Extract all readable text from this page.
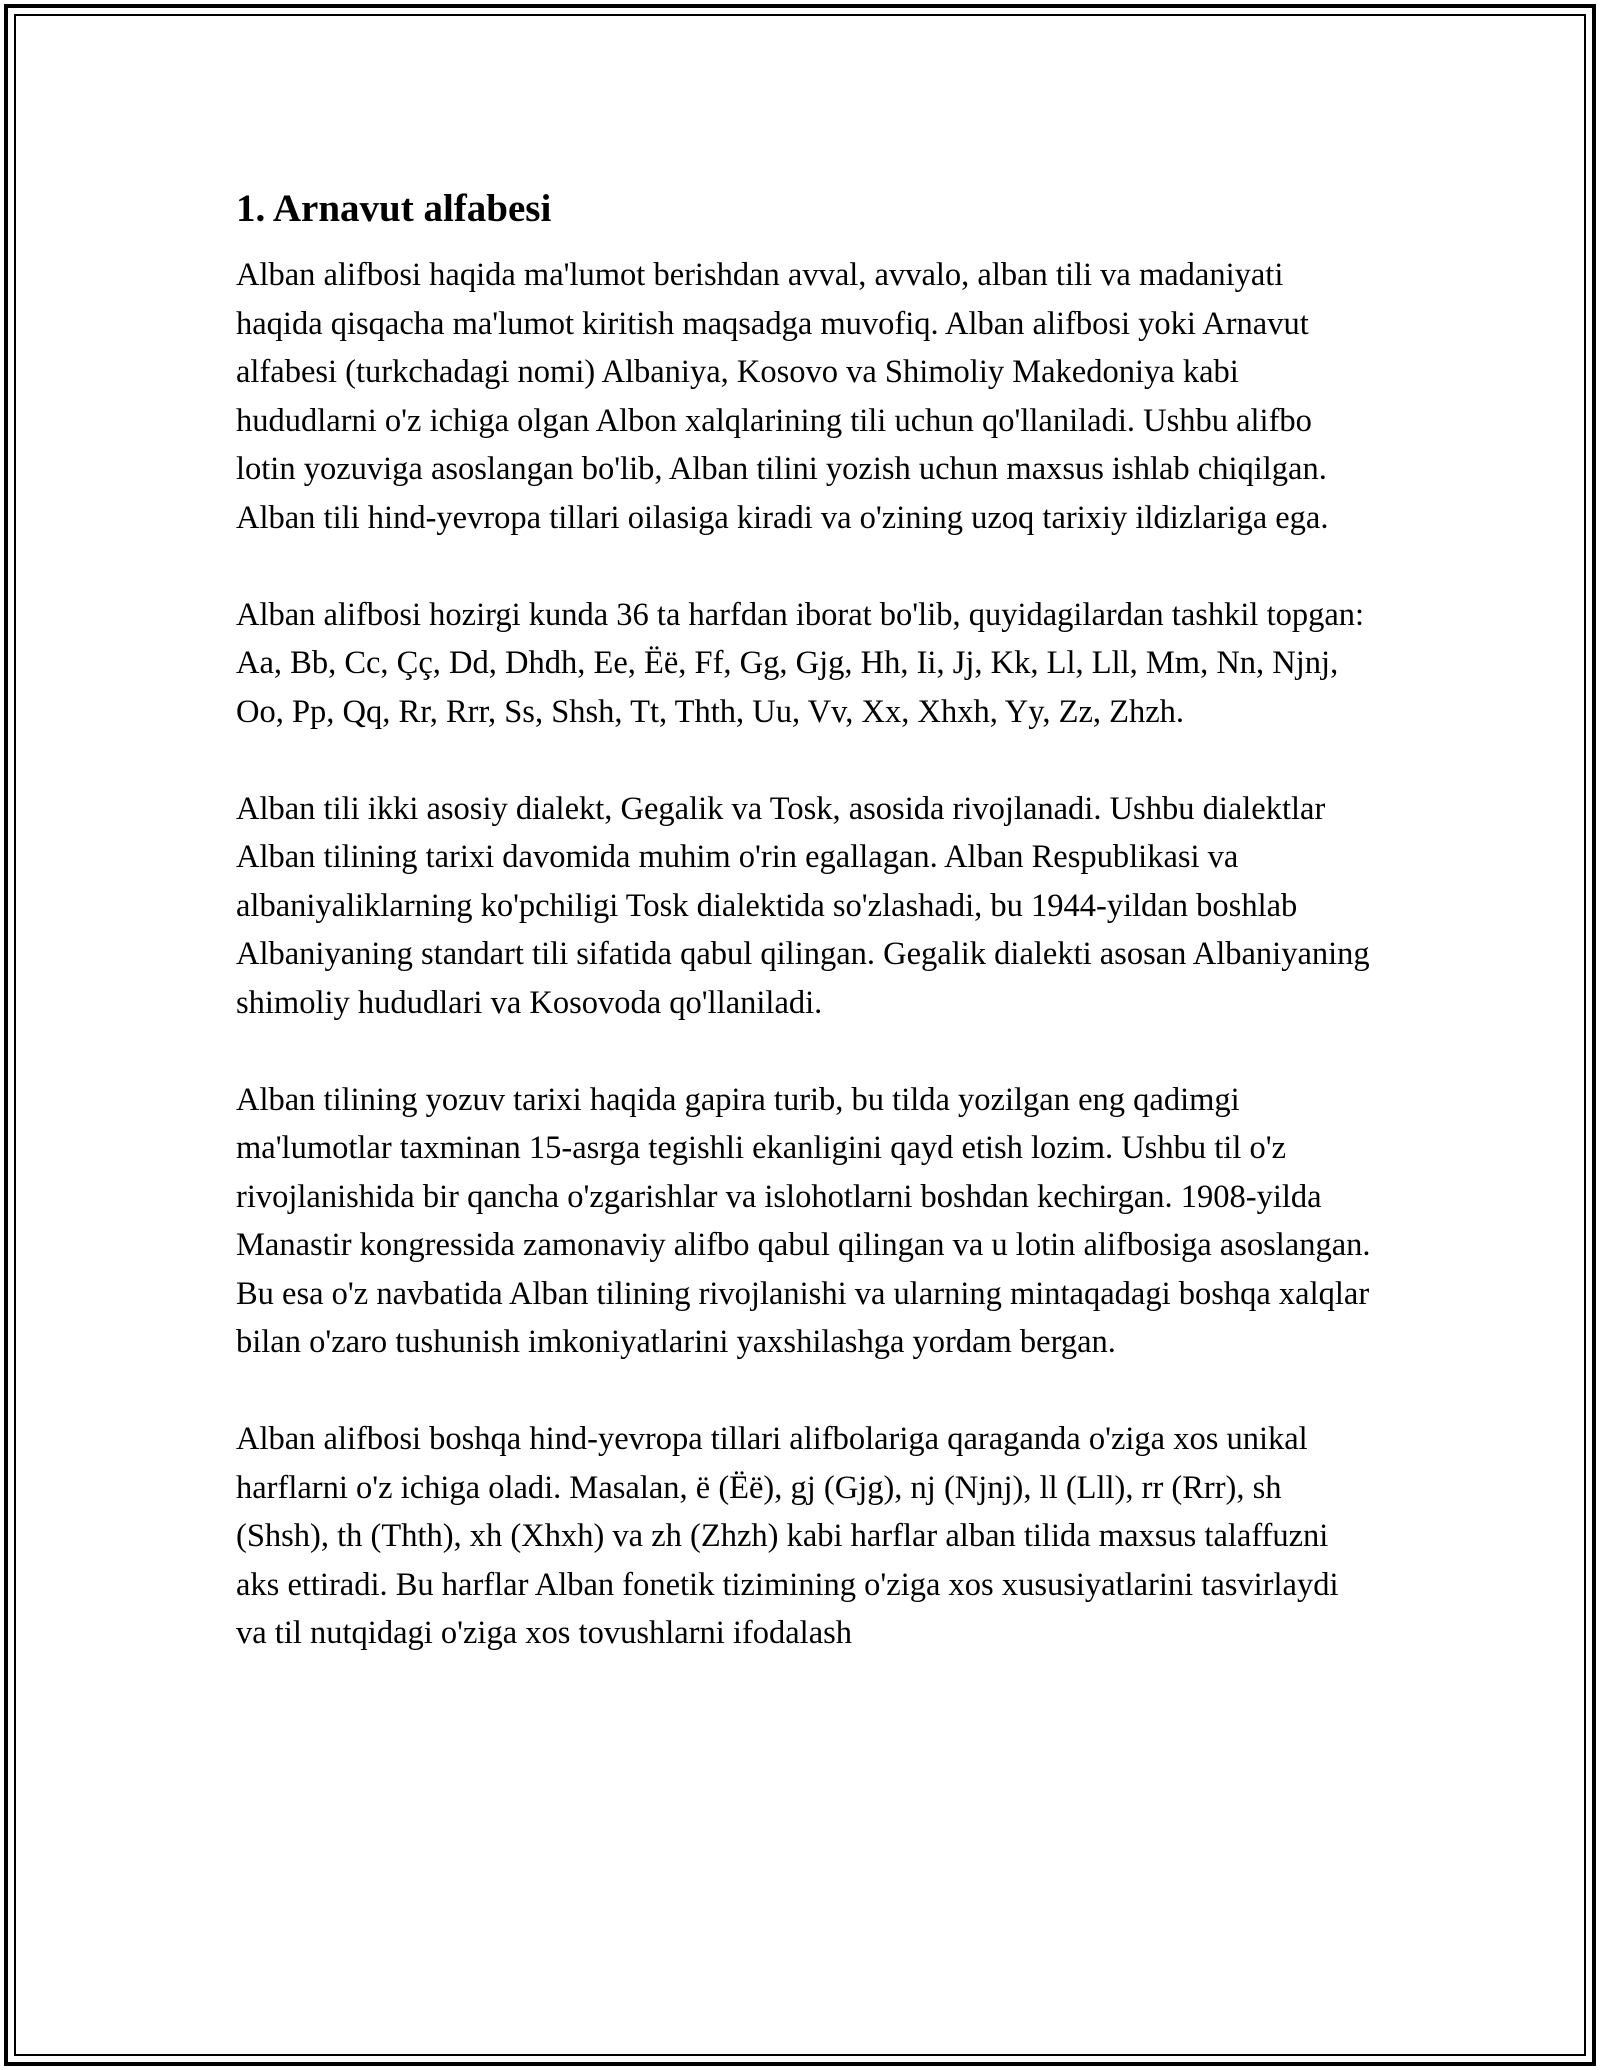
1. Arnavut alfabesi

Alban alifbosi haqida ma'lumot berishdan avval, avvalo, alban tili va madaniyati haqida qisqacha ma'lumot kiritish maqsadga muvofiq. Alban alifbosi yoki Arnavut alfabesi (turkchadagi nomi) Albaniya, Kosovo va Shimoliy Makedoniya kabi hududlarni o'z ichiga olgan Albon xalqlarining tili uchun qo'llaniladi. Ushbu alifbo lotin yozuviga asoslangan bo'lib, Alban tilini yozish uchun maxsus ishlab chiqilgan. Alban tili hind-yevropa tillari oilasiga kiradi va o'zining uzoq tarixiy ildizlariga ega.

Alban alifbosi hozirgi kunda 36 ta harfdan iborat bo'lib, quyidagilardan tashkil topgan: Aa, Bb, Cc, Çç, Dd, Dhdh, Ee, Ëë, Ff, Gg, Gjg, Hh, Ii, Jj, Kk, Ll, Lll, Mm, Nn, Njnj, Oo, Pp, Qq, Rr, Rrr, Ss, Shsh, Tt, Thth, Uu, Vv, Xx, Xhxh, Yy, Zz, Zhzh.

Alban tili ikki asosiy dialekt, Gegalik va Tosk, asosida rivojlanadi. Ushbu dialektlar Alban tilining tarixi davomida muhim o'rin egallagan. Alban Respublikasi va albaniyaliklarning ko'pchiligi Tosk dialektida so'zlashadi, bu 1944-yildan boshlab Albaniyaning standart tili sifatida qabul qilingan. Gegalik dialekti asosan Albaniyaning shimoliy hududlari va Kosovoda qo'llaniladi.

Alban tilining yozuv tarixi haqida gapira turib, bu tilda yozilgan eng qadimgi ma'lumotlar taxminan 15-asrga tegishli ekanligini qayd etish lozim. Ushbu til o'z rivojlanishida bir qancha o'zgarishlar va islohotlarni boshdan kechirgan. 1908-yilda Manastir kongressida zamonaviy alifbo qabul qilingan va u lotin alifbosiga asoslangan. Bu esa o'z navbatida Alban tilining rivojlanishi va ularning mintaqadagi boshqa xalqlar bilan o'zaro tushunish imkoniyatlarini yaxshilashga yordam bergan.

Alban alifbosi boshqa hind-yevropa tillari alifbolariga qaraganda o'ziga xos unikal harflarni o'z ichiga oladi. Masalan, ë (Ëë), gj (Gjg), nj (Njnj), ll (Lll), rr (Rrr), sh (Shsh), th (Thth), xh (Xhxh) va zh (Zhzh) kabi harflar alban tilida maxsus talaffuzni aks ettiradi. Bu harflar Alban fonetik tizimining o'ziga xos xususiyatlarini tasvirlaydi va til nutqidagi o'ziga xos tovushlarni ifodalash
